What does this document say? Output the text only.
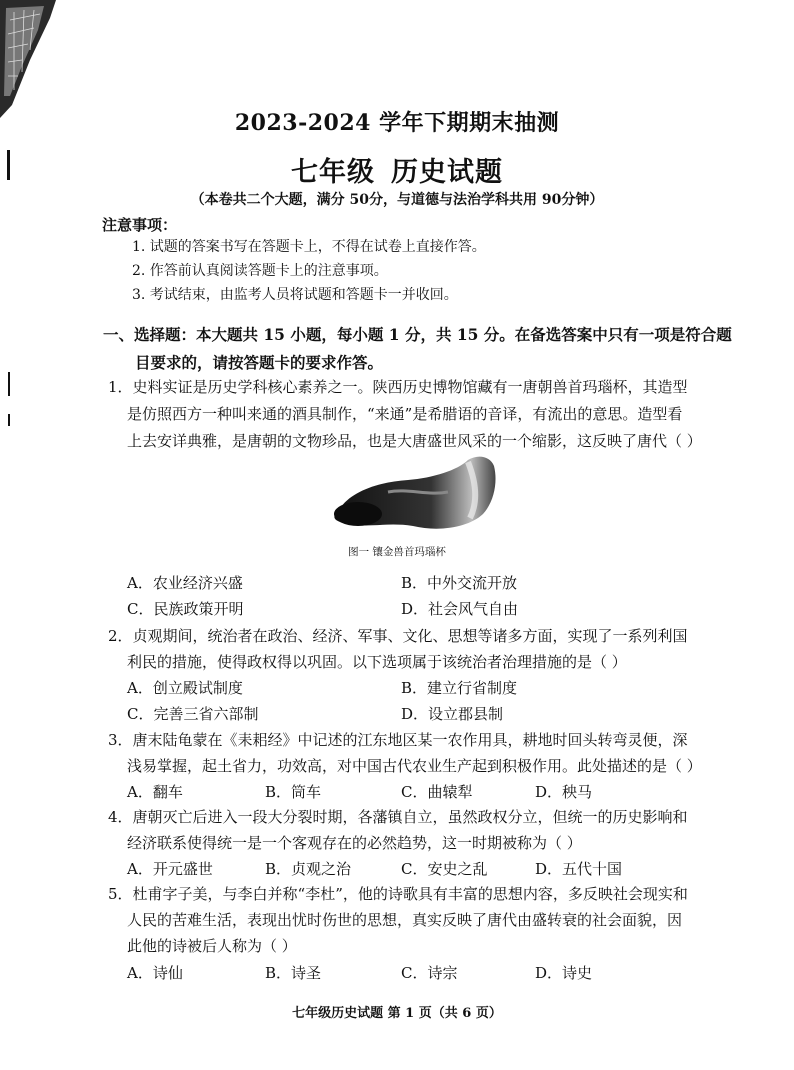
2023-2024 学年下期期末抽测
七年级 历史试题
（本卷共二个大题，满分 50分，与道德与法治学科共用 90分钟）
注意事项：
1. 试题的答案书写在答题卡上，不得在试卷上直接作答。
2. 作答前认真阅读答题卡上的注意事项。
3. 考试结束，由监考人员将试题和答题卡一并收回。
一、选择题：本大题共 15 小题，每小题 1 分，共 15 分。在备选答案中只有一项是符合题
目要求的，请按答题卡的要求作答。
1．史料实证是历史学科核心素养之一。陕西历史博物馆藏有一唐朝兽首玛瑙杯，其造型
是仿照西方一种叫来通的酒具制作，“来通”是希腊语的音译，有流出的意思。造型看
上去安详典雅，是唐朝的文物珍品，也是大唐盛世风采的一个缩影，这反映了唐代（ ）
图一 镶金兽首玛瑙杯
A．农业经济兴盛	B．中外交流开放
C．民族政策开明	D．社会风气自由
2．贞观期间，统治者在政治、经济、军事、文化、思想等诸多方面，实现了一系列利国
利民的措施，使得政权得以巩固。以下选项属于该统治者治理措施的是（ ）
A．创立殿试制度	B．建立行省制度
C．完善三省六部制	D．设立郡县制
3．唐末陆龟蒙在《耒耜经》中记述的江东地区某一农作用具，耕地时回头转弯灵便，深
浅易掌握，起土省力，功效高，对中国古代农业生产起到积极作用。此处描述的是（ ）
A．翻车	B．筒车	C．曲辕犁	D．秧马
4．唐朝灭亡后进入一段大分裂时期，各藩镇自立，虽然政权分立，但统一的历史影响和
经济联系使得统一是一个客观存在的必然趋势，这一时期被称为（ ）
A．开元盛世	B．贞观之治	C．安史之乱	D．五代十国
5．杜甫字子美，与李白并称“李杜”，他的诗歌具有丰富的思想内容，多反映社会现实和
人民的苦难生活，表现出忧时伤世的思想，真实反映了唐代由盛转衰的社会面貌，因
此他的诗被后人称为（ ）
A．诗仙	B．诗圣	C．诗宗	D．诗史
七年级历史试题 第 1 页（共 6 页）
